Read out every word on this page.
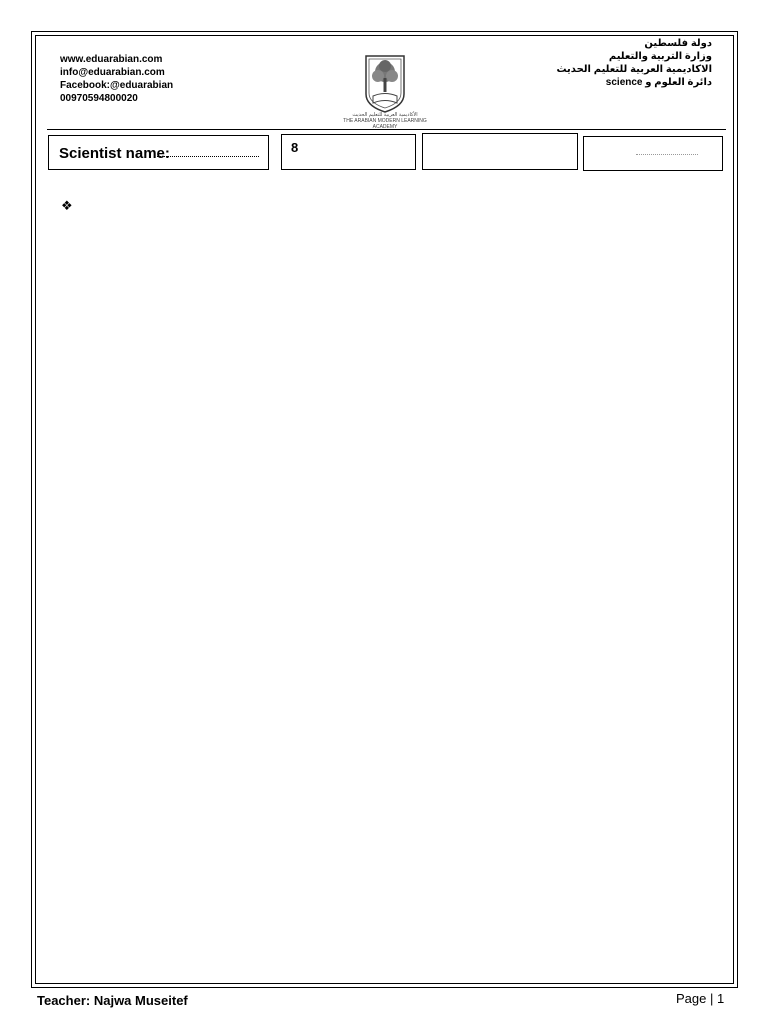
www.eduarabian.com
info@eduarabian.com
Facebook:@eduarabian
00970594800020
الأكاديمية العربية للتعليم الحديث
THE ARABIAN MODERN LEARNING ACADEMY
دولة فلسطين
وزارة التربية والتعليم
الاكاديمية العربية للتعليم الحديث
دائرة العلوم و science
Scientist name:	8
❖
Teacher: Najwa Museitef	Page | 1
